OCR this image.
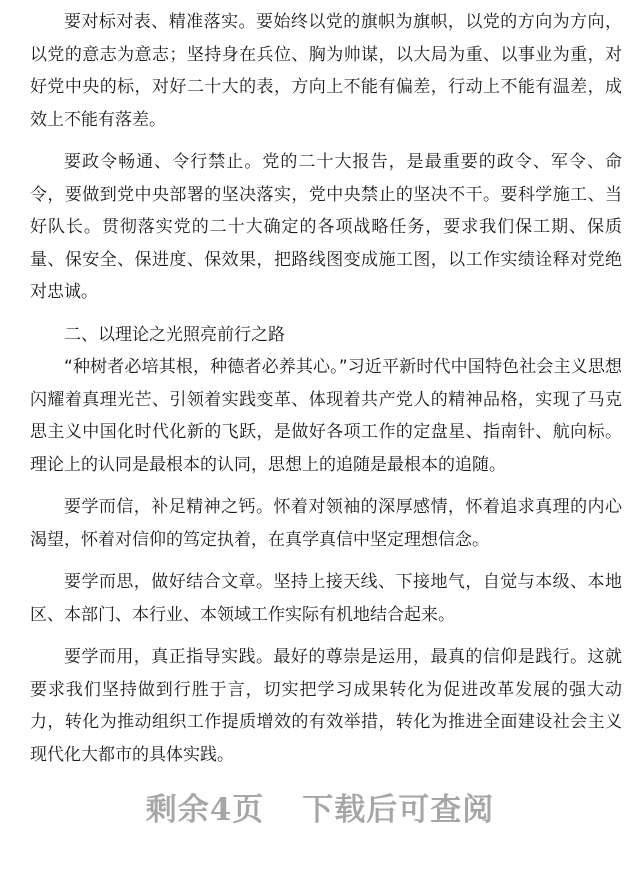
要对标对表、精准落实。要始终以党的旗帜为旗帜，以党的方向为方向，以党的意志为意志；坚持身在兵位、胸为帅谋，以大局为重、以事业为重，对好党中央的标，对好二十大的表，方向上不能有偏差，行动上不能有温差，成效上不能有落差。

要政令畅通、令行禁止。党的二十大报告，是最重要的政令、军令、命令，要做到党中央部署的坚决落实，党中央禁止的坚决不干。要科学施工、当好队长。贯彻落实党的二十大确定的各项战略任务，要求我们保工期、保质量、保安全、保进度、保效果，把路线图变成施工图，以工作实绩诠释对党绝对忠诚。

二、以理论之光照亮前行之路

“种树者必培其根，种德者必养其心。”习近平新时代中国特色社会主义思想闪耀着真理光芒、引领着实践变革、体现着共产党人的精神品格，实现了马克思主义中国化时代化新的飞跃，是做好各项工作的定盘星、指南针、航向标。理论上的认同是最根本的认同，思想上的追随是最根本的追随。

要学而信，补足精神之钙。怀着对领袖的深厚感情，怀着追求真理的内心渴望，怀着对信仰的笃定执着，在真学真信中坚定理想信念。

要学而思，做好结合文章。坚持上接天线、下接地气，自觉与本级、本地区、本部门、本行业、本领域工作实际有机地结合起来。

要学而用，真正指导实践。最好的尊崇是运用，最真的信仰是践行。这就要求我们坚持做到行胜于言，切实把学习成果转化为促进改革发展的强大动力，转化为推动组织工作提质增效的有效举措，转化为推进全面建设社会主义现代化大都市的具体实践。

剩余4页 下载后可查阅
